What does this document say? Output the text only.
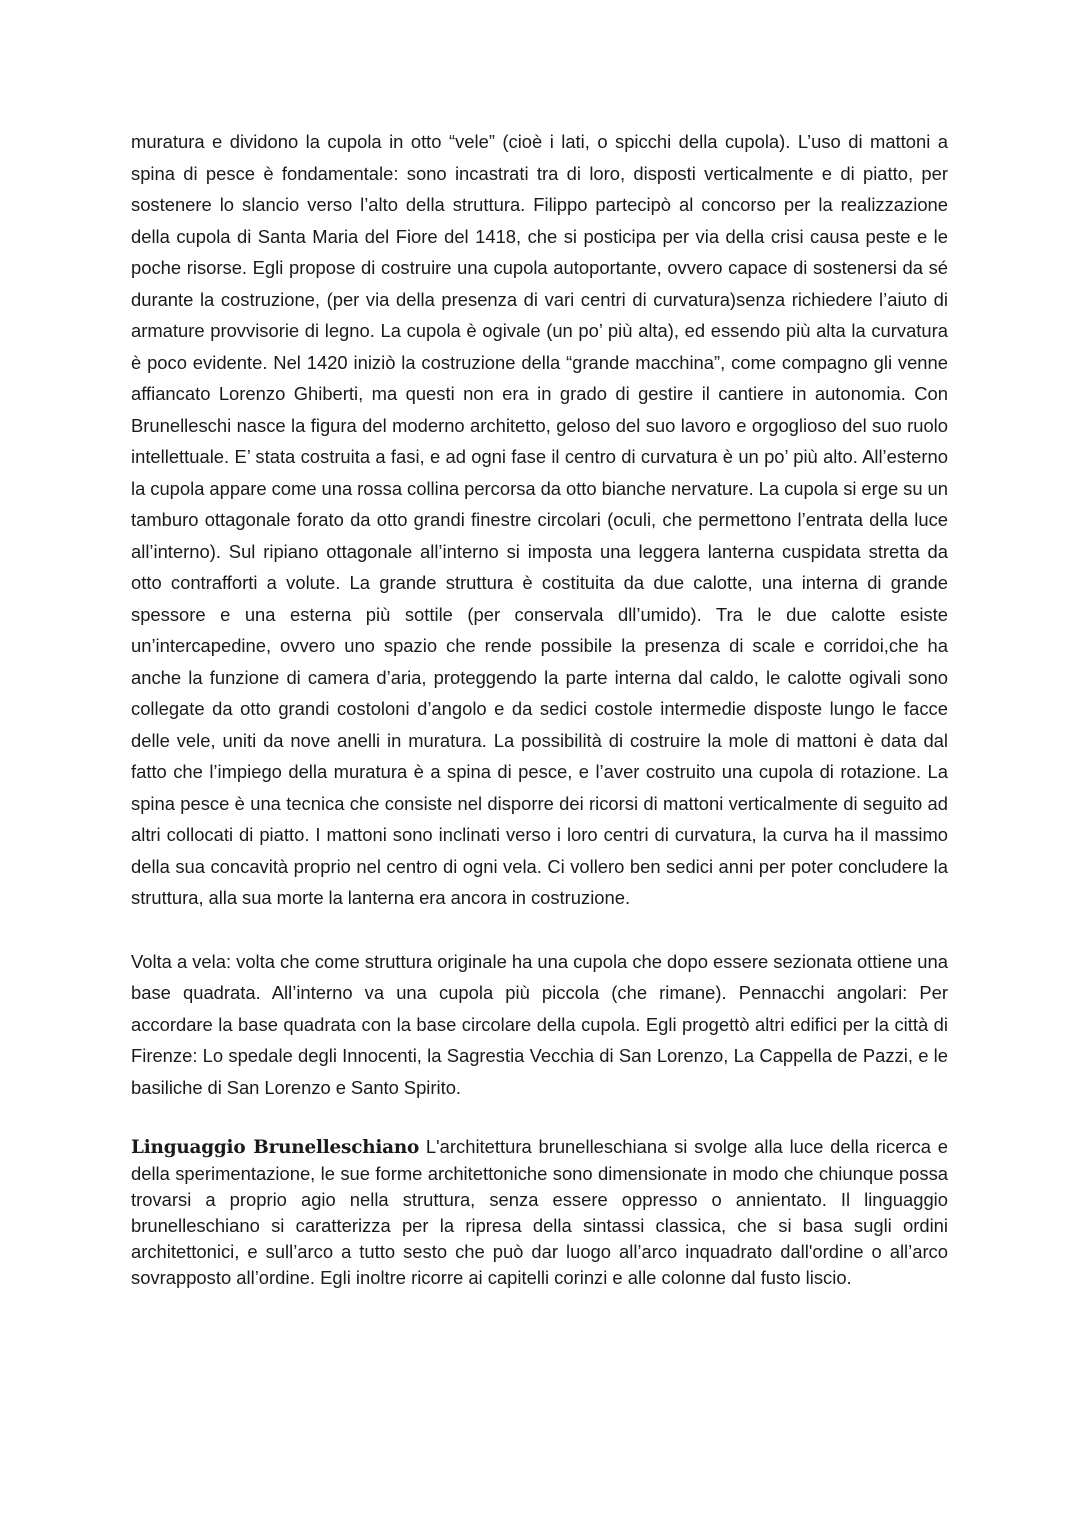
muratura e dividono la cupola in otto “vele” (cioè i lati, o spicchi della cupola). L’uso di mattoni a spina di pesce è fondamentale: sono incastrati tra di loro, disposti verticalmente e di piatto, per sostenere lo slancio verso l’alto della struttura. Filippo partecipò al concorso per la realizzazione della cupola di Santa Maria del Fiore del 1418, che si posticipa per via della crisi causa peste e le poche risorse. Egli propose di costruire una cupola autoportante, ovvero capace di sostenersi da sé durante la costruzione, (per via della presenza di vari centri di curvatura)senza richiedere l’aiuto di armature provvisorie di legno. La cupola è ogivale (un po’ più alta), ed essendo più alta la curvatura è poco evidente. Nel 1420 iniziò la costruzione della “grande macchina”, come compagno gli venne affiancato Lorenzo Ghiberti, ma questi non era in grado di gestire il cantiere in autonomia. Con Brunelleschi nasce la figura del moderno architetto, geloso del suo lavoro e orgoglioso del suo ruolo intellettuale. E’ stata costruita a fasi, e ad ogni fase il centro di curvatura è un po’ più alto. All’esterno la cupola appare come una rossa collina percorsa da otto bianche nervature. La cupola si erge su un tamburo ottagonale forato da otto grandi finestre circolari (oculi, che permettono l’entrata della luce all’interno). Sul ripiano ottagonale all’interno si imposta una leggera lanterna cuspidata stretta da otto contrafforti a volute. La grande struttura è costituita da due calotte, una interna di grande spessore e una esterna più sottile (per conservala dll’umido). Tra le due calotte esiste un’intercapedine, ovvero uno spazio che rende possibile la presenza di scale e corridoi,che ha anche la funzione di camera d’aria, proteggendo la parte interna dal caldo, le calotte ogivali sono collegate da otto grandi costoloni d’angolo e da sedici costole intermedie disposte lungo le facce delle vele, uniti da nove anelli in muratura. La possibilità di costruire la mole di mattoni è data dal fatto che l’impiego della muratura è a spina di pesce, e l’aver costruito una cupola di rotazione. La spina pesce è una tecnica che consiste nel disporre dei ricorsi di mattoni verticalmente di seguito ad altri collocati di piatto. I mattoni sono inclinati verso i loro centri di curvatura, la curva ha il massimo della sua concavità proprio nel centro di ogni vela. Ci vollero ben sedici anni per poter concludere la struttura, alla sua morte la lanterna era ancora in costruzione.

Volta a vela: volta che come struttura originale ha una cupola che dopo essere sezionata ottiene una base quadrata. All’interno va una cupola più piccola (che rimane). Pennacchi angolari: Per accordare la base quadrata con la base circolare della cupola. Egli progettò altri edifici per la città di Firenze: Lo spedale degli Innocenti, la Sagrestia Vecchia di San Lorenzo, La Cappella de Pazzi, e le basiliche di San Lorenzo e Santo Spirito.

Linguaggio Brunelleschiano L'architettura brunelleschiana si svolge alla luce della ricerca e della sperimentazione, le sue forme architettoniche sono dimensionate in modo che chiunque possa trovarsi a proprio agio nella struttura, senza essere oppresso o annientato. Il linguaggio brunelleschiano si caratterizza per la ripresa della sintassi classica, che si basa sugli ordini architettonici, e sull’arco a tutto sesto che può dar luogo all’arco inquadrato dall'ordine o all’arco sovrapposto all’ordine. Egli inoltre ricorre ai capitelli corinzi e alle colonne dal fusto liscio.
